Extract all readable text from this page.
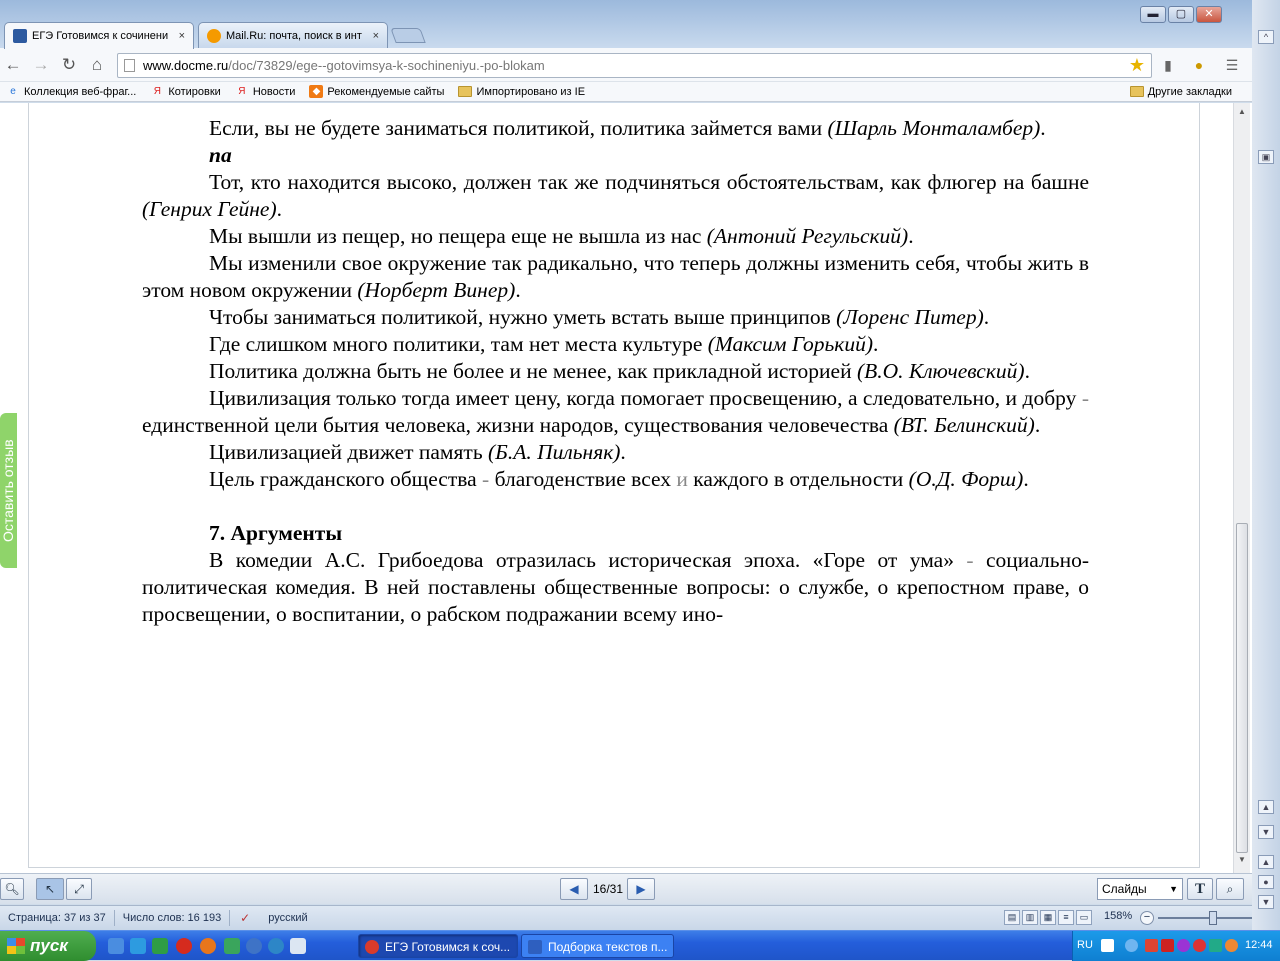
ЕГЭ Готовимся к сочинени ×	Mail.Ru: почта, поиск в инт ×
▬	▢	✕
← → ↻ ⌂	www.docme.ru /doc/73829/ege--gotovimsya-k-sochineniyu.-po-blokam	★	▮	●	☰
e Коллекция веб-фраг...	Я Котировки	Я Новости	◆ Рекомендуемые сайты	Импортировано из IE	Другие закладки

Если, вы не будете заниматься политикой, политика займется вами (Шарль Монталамбер).

па

Тот, кто находится высоко, должен так же подчиняться обстоятельствам, как флюгер на башне (Генрих Гейне).

Мы вышли из пещер, но пещера еще не вышла из нас (Антоний Регульский).

Мы изменили свое окружение так радикально, что теперь должны изменить себя, чтобы жить в этом новом окружении (Норберт Винер).

Чтобы заниматься политикой, нужно уметь встать выше принципов (Лоренс Питер).

Где слишком много политики, там нет места культуре (Максим Горький).

Политика должна быть не более и не менее, как прикладной историей (В.О. Ключевский).

Цивилизация только тогда имеет цену, когда помогает просвещению, а следовательно, и добру - единственной цели бытия человека, жизни народов, существования человечества (ВТ. Белинский).

Цивилизацией движет память (Б.А. Пильняк).

Цель гражданского общества - благоденствие всех и каждого в отдельности (О.Д. Форш).

7. Аргументы

В комедии А.С. Грибоедова отразилась историческая эпоха. «Горе от ума» - социально-политическая комедия. В ней поставлены общественные вопросы: о службе, о крепостном праве, о просвещении, о воспитании, о рабском подражании всему ино-

Оставить отзыв
▲
▼
🔍︎	↖	⤢	◀	16/31	▶	Слайды ▼	T	⌕
Страница: 37 из 37	Число слов: 16 193	✓	русский	▤	▥	▦	≡	▭	158%	−
^
▣
▲
▼
▲
●
▼
пуск	ЕГЭ Готовимся к соч...	Подборка текстов п...	RU	12:44
